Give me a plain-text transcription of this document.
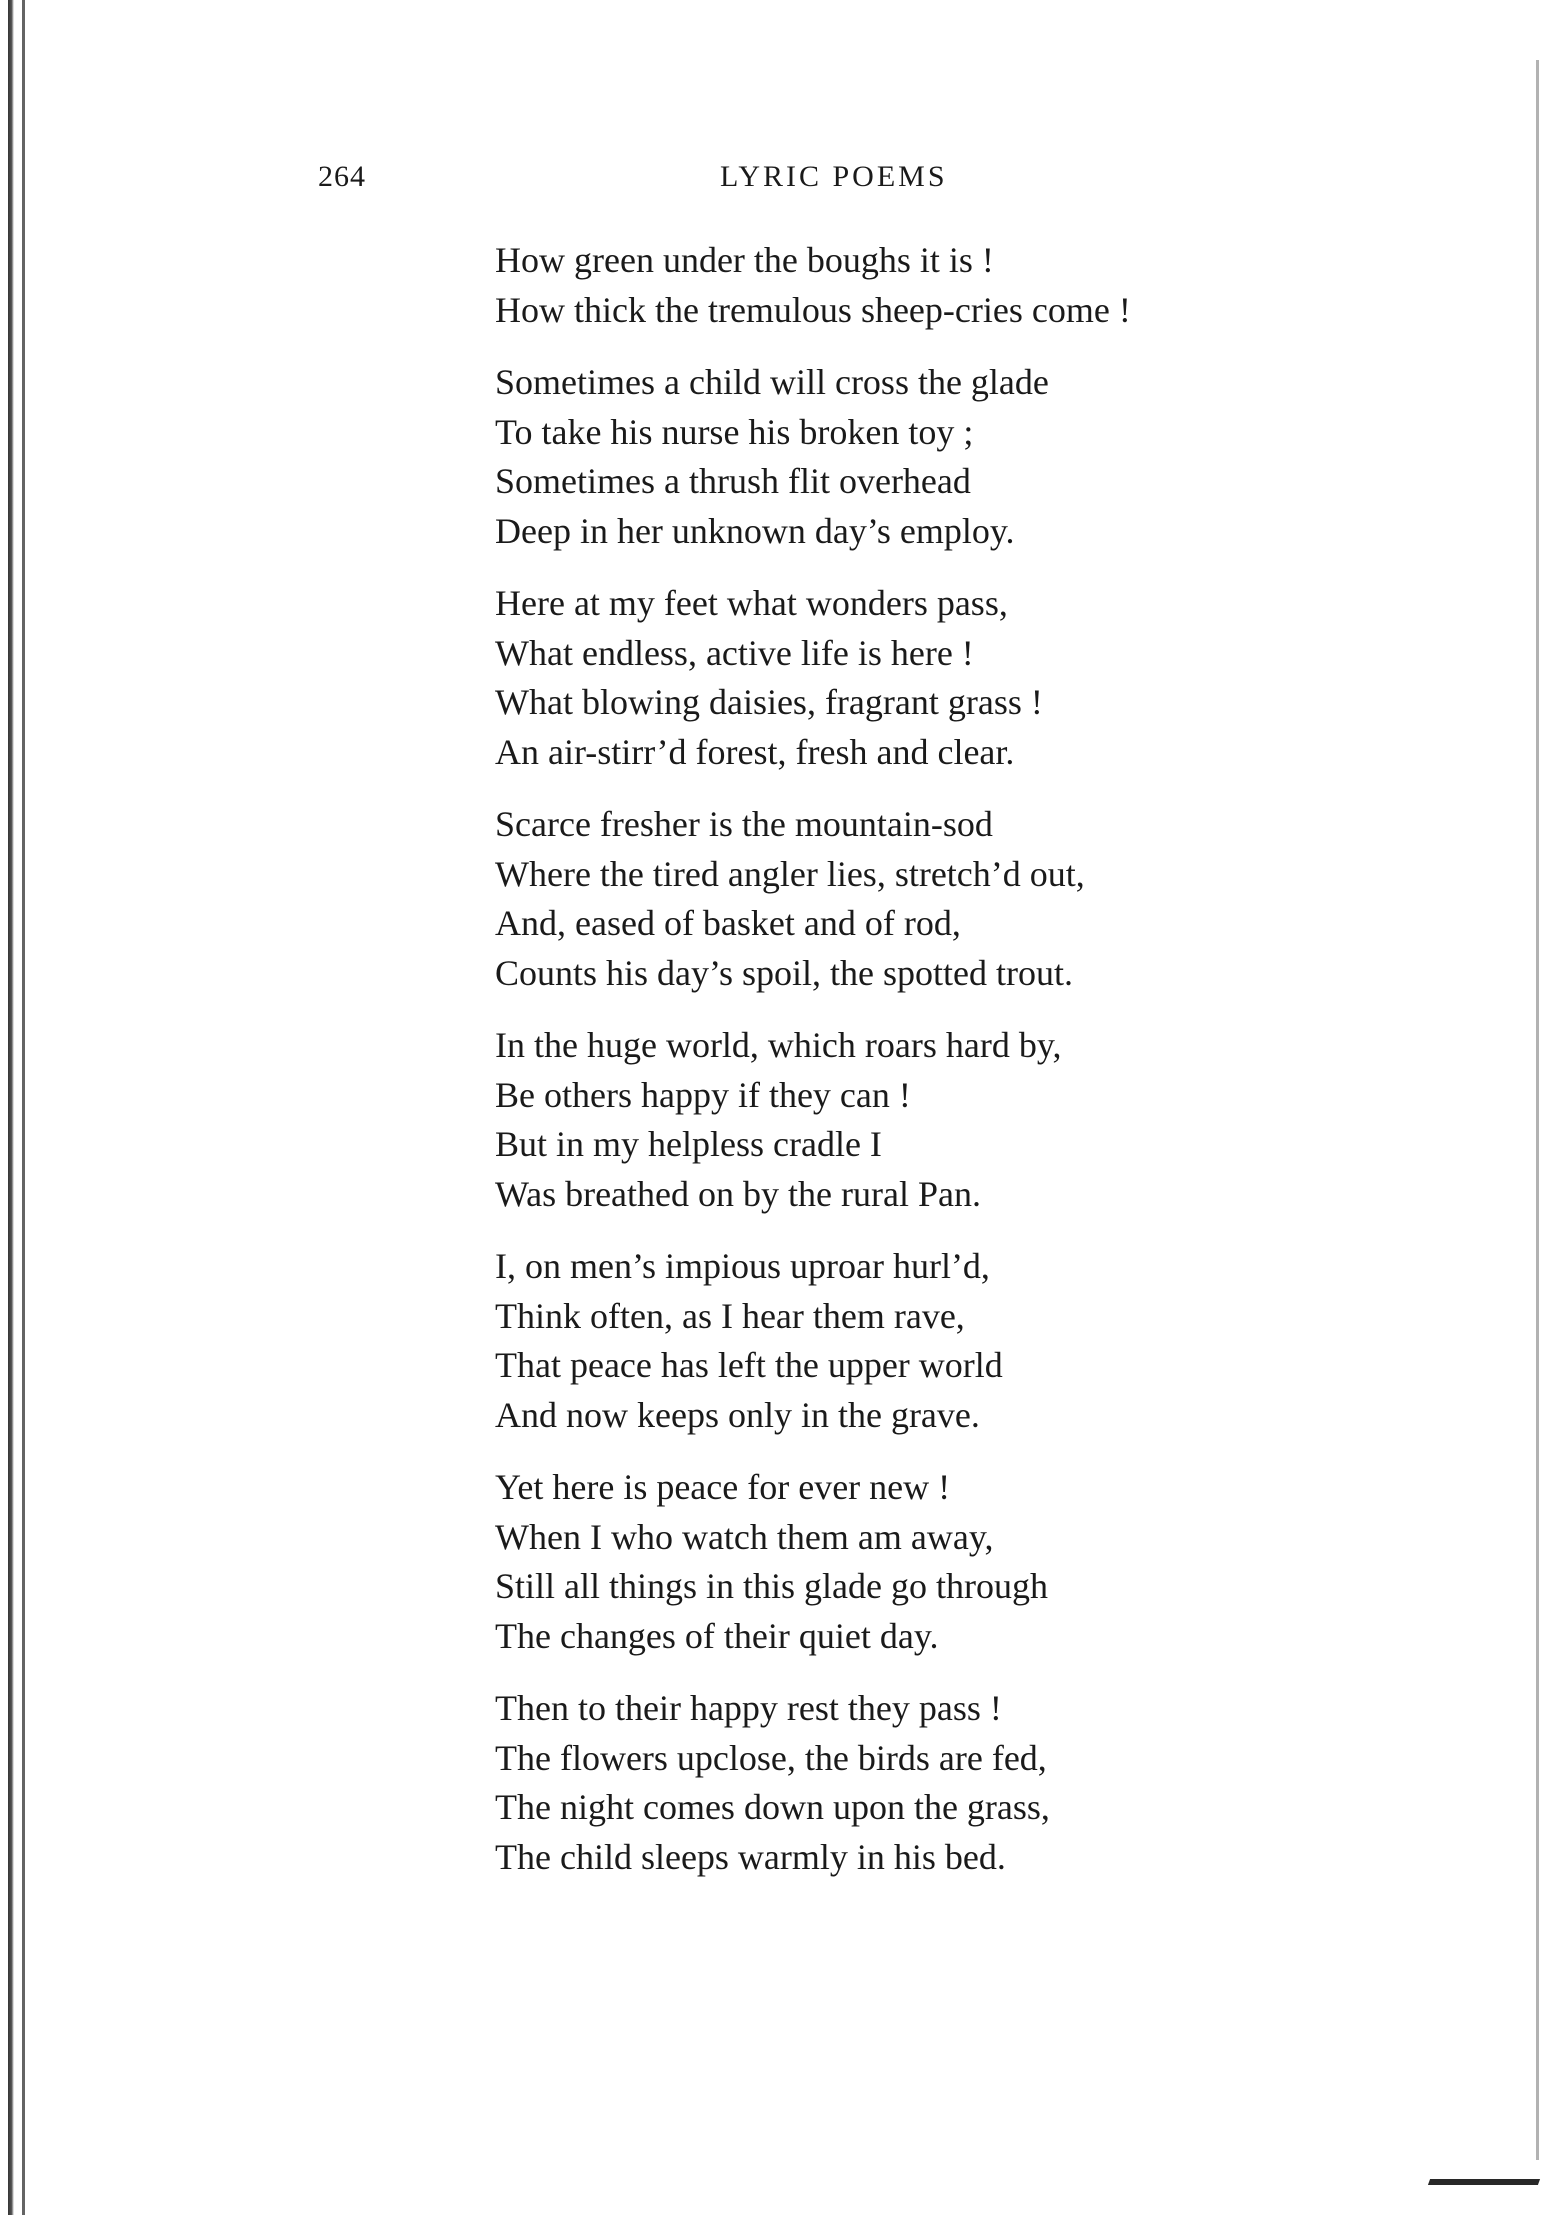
264	LYRIC POEMS
How green under the boughs it is !
How thick the tremulous sheep-cries come !
Sometimes a child will cross the glade
To take his nurse his broken toy ;
Sometimes a thrush flit overhead
Deep in her unknown day’s employ.
Here at my feet what wonders pass,
What endless, active life is here !
What blowing daisies, fragrant grass !
An air-stirr’d forest, fresh and clear.
Scarce fresher is the mountain-sod
Where the tired angler lies, stretch’d out,
And, eased of basket and of rod,
Counts his day’s spoil, the spotted trout.
In the huge world, which roars hard by,
Be others happy if they can !
But in my helpless cradle I
Was breathed on by the rural Pan.
I, on men’s impious uproar hurl’d,
Think often, as I hear them rave,
That peace has left the upper world
And now keeps only in the grave.
Yet here is peace for ever new !
When I who watch them am away,
Still all things in this glade go through
The changes of their quiet day.
Then to their happy rest they pass !
The flowers upclose, the birds are fed,
The night comes down upon the grass,
The child sleeps warmly in his bed.
